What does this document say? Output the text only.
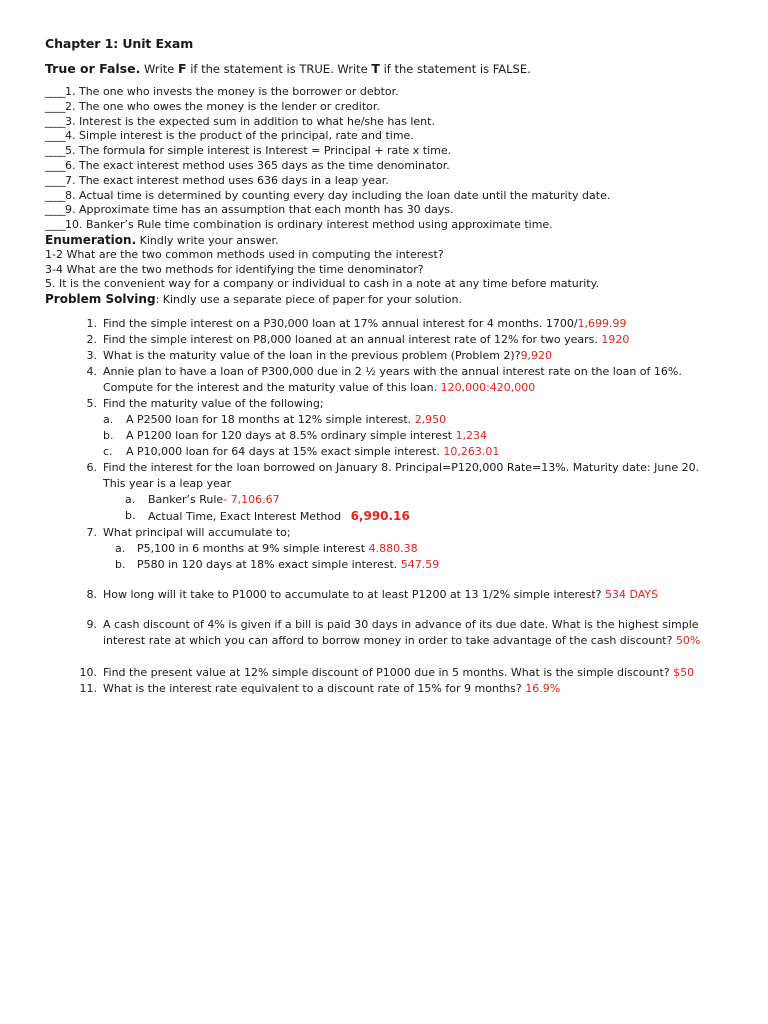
Chapter 1: Unit Exam
True or False. Write F if the statement is TRUE. Write T if the statement is FALSE.
____1. The one who invests the money is the borrower or debtor.
____2. The one who owes the money is the lender or creditor.
____3. Interest is the expected sum in addition to what he/she has lent.
____4. Simple interest is the product of the principal, rate and time.
____5. The formula for simple interest is Interest = Principal + rate x time.
____6. The exact interest method uses 365 days as the time denominator.
____7. The exact interest method uses 636 days in a leap year.
____8. Actual time is determined by counting every day including the loan date until the maturity date.
____9. Approximate time has an assumption that each month has 30 days.
____10. Banker’s Rule time combination is ordinary interest method using approximate time.
Enumeration. Kindly write your answer.
1-2 What are the two common methods used in computing the interest?
3-4 What are the two methods for identifying the time denominator?
5. It is the convenient way for a company or individual to cash in a note at any time before maturity.
Problem Solving: Kindly use a separate piece of paper for your solution.
1. Find the simple interest on a P30,000 loan at 17% annual interest for 4 months. 1700/1,699.99
2. Find the simple interest on P8,000 loaned at an annual interest rate of 12% for two years. 1920
3. What is the maturity value of the loan in the previous problem (Problem 2)?9,920
4. Annie plan to have a loan of P300,000 due in 2 ½ years with the annual interest rate on the loan of 16%. Compute for the interest and the maturity value of this loan. 120,000:420,000
5. Find the maturity value of the following;
a.	A P2500 loan for 18 months at 12% simple interest. 2,950
b.	A P1200 loan for 120 days at 8.5% ordinary simple interest 1,234
c.	A P10,000 loan for 64 days at 15% exact simple interest. 10,263.01
6. Find the interest for the loan borrowed on January 8. Principal=P120,000 Rate=13%. Maturity date: June 20. This year is a leap year
a.	Banker’s Rule- 7,106.67
b.	Actual Time, Exact Interest Method 6,990.16
7. What principal will accumulate to;
a.	P5,100 in 6 months at 9% simple interest 4.880.38
b.	P580 in 120 days at 18% exact simple interest. 547.59
8. How long will it take to P1000 to accumulate to at least P1200 at 13 1/2% simple interest? 534 DAYS
9. A cash discount of 4% is given if a bill is paid 30 days in advance of its due date. What is the highest simple interest rate at which you can afford to borrow money in order to take advantage of the cash discount? 50%
10. Find the present value at 12% simple discount of P1000 due in 5 months. What is the simple discount? $50
11. What is the interest rate equivalent to a discount rate of 15% for 9 months? 16.9%
